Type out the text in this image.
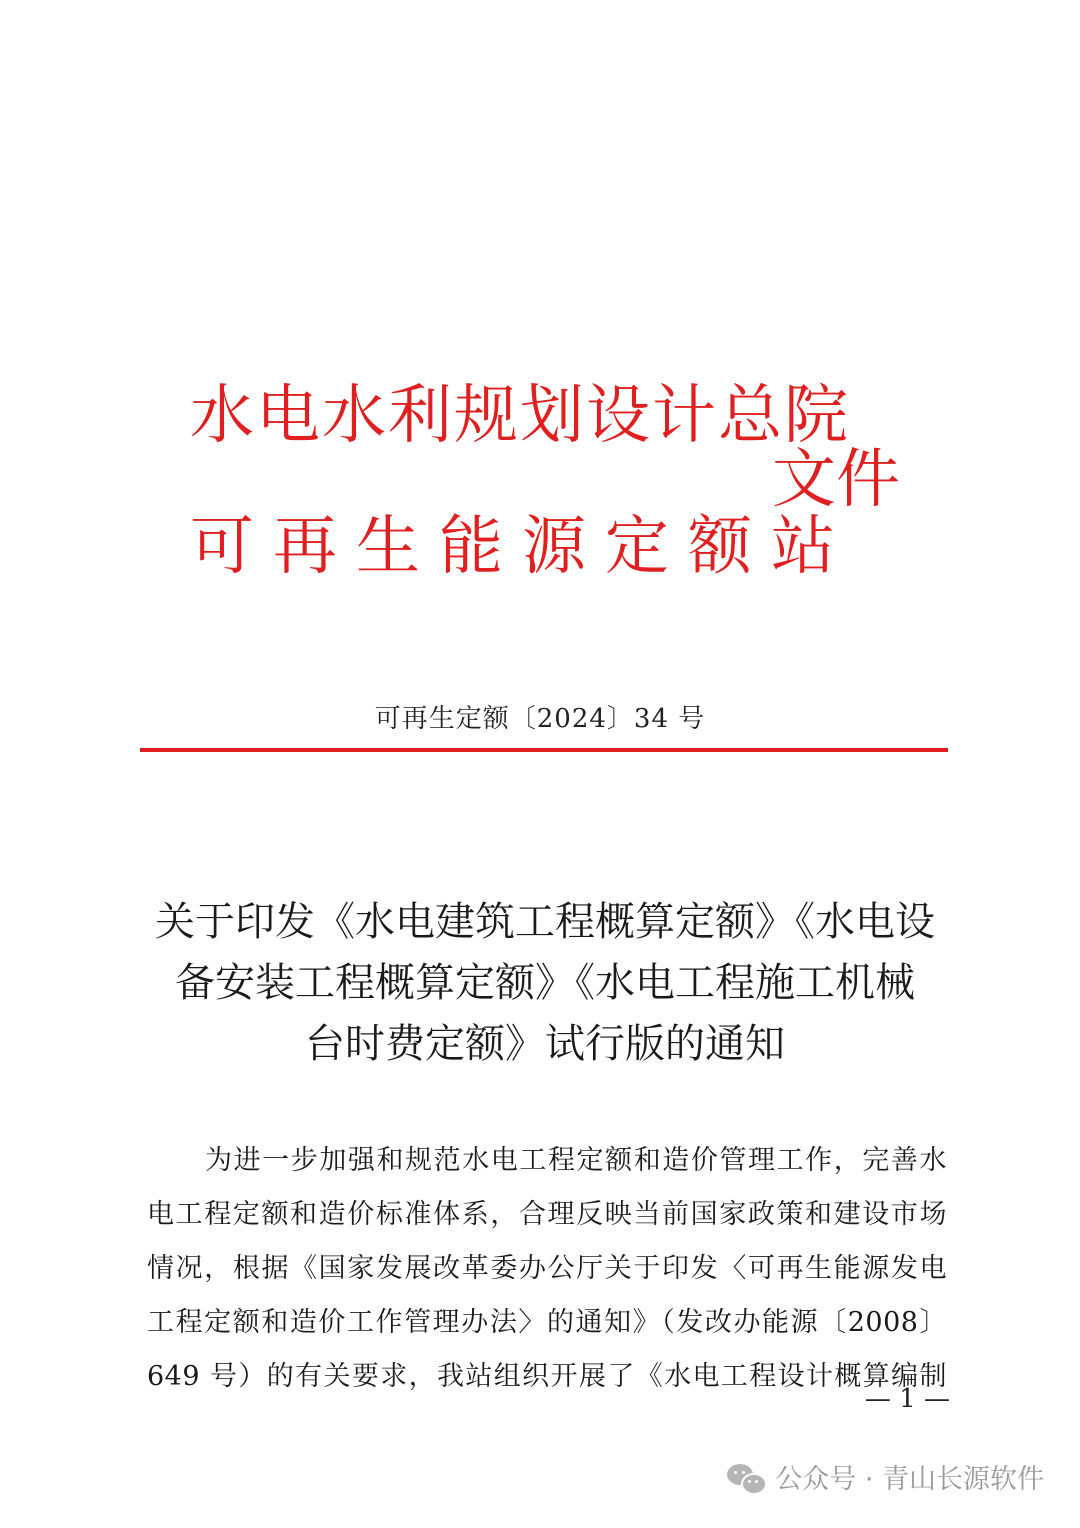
水电水利规划设计总院
可再生能源定额站
文件
可再生定额〔2024〕34 号
关于印发《水电建筑工程概算定额》《水电设
备安装工程概算定额》《水电工程施工机械
台时费定额》试行版的通知
为进一步加强和规范水电工程定额和造价管理工作，完善水
电工程定额和造价标准体系，合理反映当前国家政策和建设市场
情况，根据《国家发展改革委办公厅关于印发〈可再生能源发电
工程定额和造价工作管理办法〉的通知》（发改办能源〔2008〕
649 号）的有关要求，我站组织开展了《水电工程设计概算编制
— 1 —
公众号 · 青山长源软件
